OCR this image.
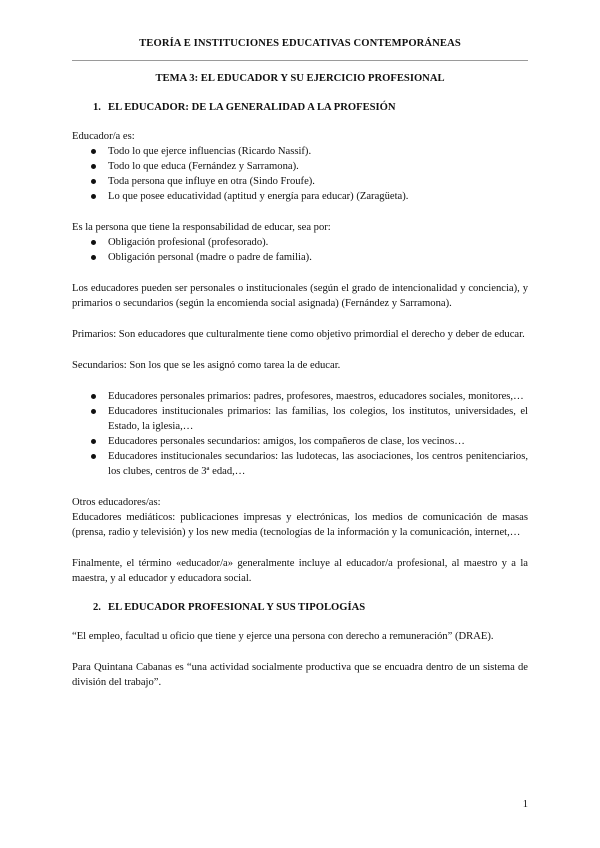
TEORÍA E INSTITUCIONES EDUCATIVAS CONTEMPORÁNEAS

TEMA 3: EL EDUCADOR Y SU EJERCICIO PROFESIONAL

1. EL EDUCADOR: DE LA GENERALIDAD A LA PROFESIÓN

Educador/a es:

Todo lo que ejerce influencias (Ricardo Nassif).
Todo lo que educa (Fernández y Sarramona).
Toda persona que influye en otra (Sindo Froufe).
Lo que posee educatividad (aptitud y energía para educar) (Zaragüeta).

Es la persona que tiene la responsabilidad de educar, sea por:

Obligación profesional (profesorado).
Obligación personal (madre o padre de familia).

Los educadores pueden ser personales o institucionales (según el grado de intencionalidad y conciencia), y primarios o secundarios (según la encomienda social asignada) (Fernández y Sarramona).

Primarios: Son educadores que culturalmente tiene como objetivo primordial el derecho y deber de educar.

Secundarios: Son los que se les asignó como tarea la de educar.

Educadores personales primarios: padres, profesores, maestros, educadores sociales, monitores,…
Educadores institucionales primarios: las familias, los colegios, los institutos, universidades, el Estado, la iglesia,…
Educadores personales secundarios: amigos, los compañeros de clase, los vecinos…
Educadores institucionales secundarios: las ludotecas, las asociaciones, los centros penitenciarios, los clubes, centros de 3ª edad,…

Otros educadores/as:

Educadores mediáticos: publicaciones impresas y electrónicas, los medios de comunicación de masas (prensa, radio y televisión) y los new media (tecnologías de la información y la comunicación, internet,…

Finalmente, el término «educador/a» generalmente incluye al educador/a profesional, al maestro y a la maestra, y al educador y educadora social.

2. EL EDUCADOR PROFESIONAL Y SUS TIPOLOGÍAS

“El empleo, facultad u oficio que tiene y ejerce una persona con derecho a remuneración” (DRAE).

Para Quintana Cabanas es “una actividad socialmente productiva que se encuadra dentro de un sistema de división del trabajo”.

1
